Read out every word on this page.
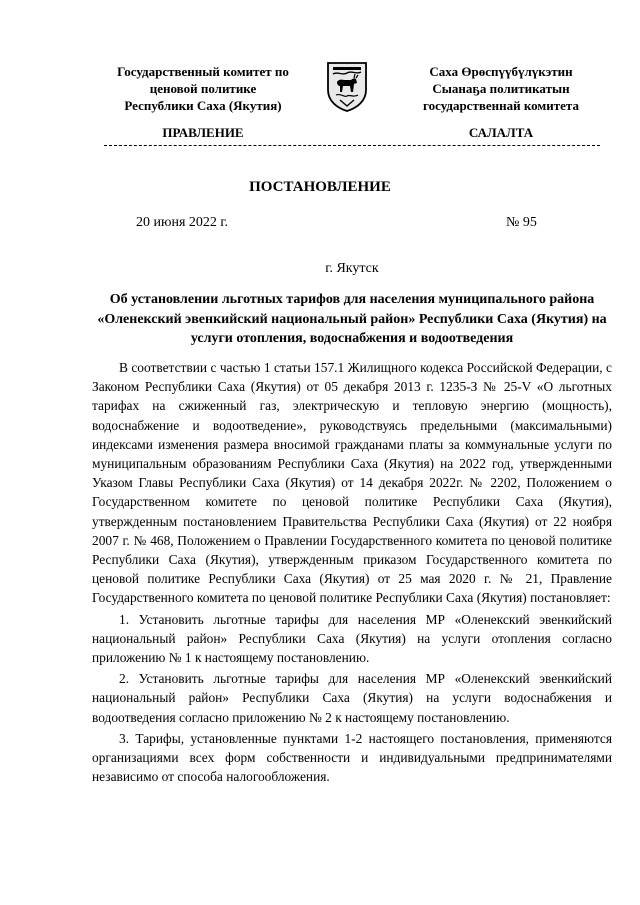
Государственный комитет по
ценовой политике
Республики Саха (Якутия)
Саха Өрөспүүбүлүкэтин
Сыанаҕа политикатын
государственнай комитета
ПРАВЛЕНИЕ	САЛАЛТА
ПОСТАНОВЛЕНИЕ
20 июня 2022 г.	№ 95
г. Якутск
Об установлении льготных тарифов для населения муниципального района «Оленекский эвенкийский национальный район» Республики Саха (Якутия) на услуги отопления, водоснабжения и водоотведения

В соответствии с частью 1 статьи 157.1 Жилищного кодекса Российской Федерации, с Законом Республики Саха (Якутия) от 05 декабря 2013 г. 1235-З № 25-V «О льготных тарифах на сжиженный газ, электрическую и тепловую энергию (мощность), водоснабжение и водоотведение», руководствуясь предельными (максимальными) индексами изменения размера вносимой гражданами платы за коммунальные услуги по муниципальным образованиям Республики Саха (Якутия) на 2022 год, утвержденными Указом Главы Республики Саха (Якутия) от 14 декабря 2022г. № 2202, Положением о Государственном комитете по ценовой политике Республики Саха (Якутия), утвержденным постановлением Правительства Республики Саха (Якутия) от 22 ноября 2007 г. № 468, Положением о Правлении Государственного комитета по ценовой политике Республики Саха (Якутия), утвержденным приказом Государственного комитета по ценовой политике Республики Саха (Якутия) от 25 мая 2020 г. № 21, Правление Государственного комитета по ценовой политике Республики Саха (Якутия) постановляет:

1. Установить льготные тарифы для населения МР «Оленекский эвенкийский национальный район» Республики Саха (Якутия) на услуги отопления согласно приложению № 1 к настоящему постановлению.

2. Установить льготные тарифы для населения МР «Оленекский эвенкийский национальный район» Республики Саха (Якутия) на услуги водоснабжения и водоотведения согласно приложению № 2 к настоящему постановлению.

3. Тарифы, установленные пунктами 1-2 настоящего постановления, применяются организациями всех форм собственности и индивидуальными предпринимателями независимо от способа налогообложения.
